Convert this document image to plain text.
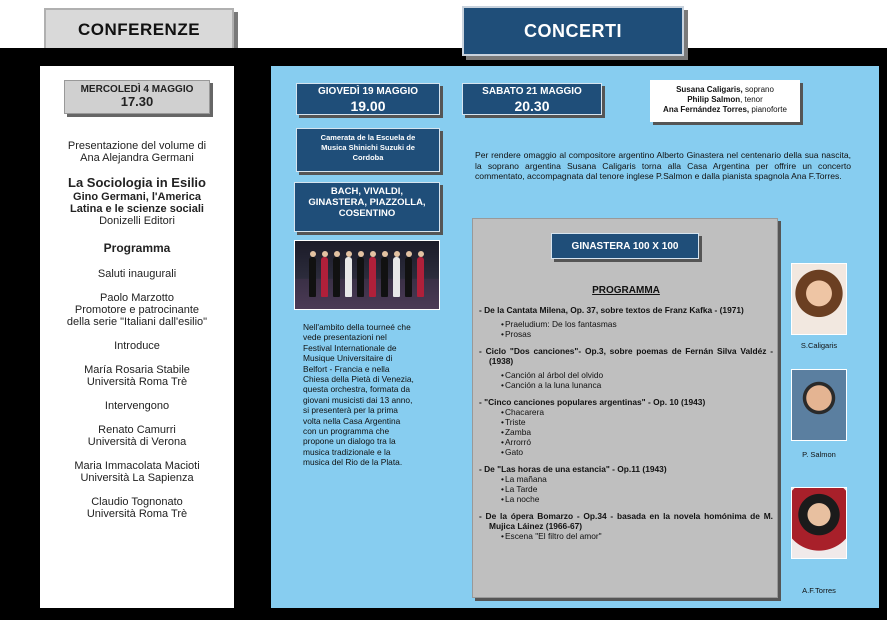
CONFERENZE	CONCERTI
MERCOLEDÌ 4 MAGGIO
17.30
Presentazione del volume di
Ana Alejandra Germani
La Sociologia in Esilio
Gino Germani, l'America
Latina e le scienze sociali
Donizelli Editori
Programma
Saluti inaugurali
Paolo Marzotto
Promotore e patrocinante
della serie "Italiani dall'esilio"
Introduce
María Rosaria Stabile
Università Roma Trè
Intervengono
Renato Camurri
Università di Verona
Maria Immacolata Macioti
Università La Sapienza
Claudio Tognonato
Università Roma Trè
GIOVEDÌ 19 MAGGIO
19.00
SABATO 21 MAGGIO
20.30
Camerata de la Escuela de
Musica Shinichi Suzuki de
Cordoba
BACH, VIVALDI,
GINASTERA, PIAZZOLLA,
COSENTINO
Nell'ambito della tourneé che vede presentazioni nel Festival Internationale de Musique Universitaire di Belfort - Francia e nella Chiesa della Pietà di Venezia, questa orchestra, formata da giovani musicisti dai 13 anno, si presenterà per la prima volta nella Casa Argentina con un programma che propone un dialogo tra la musica tradizionale e la musica del Rio de la Plata.
Susana Caligaris, soprano
Philip Salmon, tenor
Ana Fernández Torres, pianoforte
Per rendere omaggio al compositore argentino Alberto Ginastera nel centenario della sua nascita, la soprano argentina Susana Caligaris torna alla Casa Argentina per offrire un concerto commentato, accompagnata dal tenore inglese P.Salmon e dalla pianista spagnola Ana F.Torres.
GINASTERA 100 X 100
PROGRAMMA
- De la Cantata Milena, Op. 37, sobre textos de Franz Kafka - (1971)
• Praeludium: De los fantasmas
• Prosas
- Ciclo "Dos canciones"- Op.3, sobre poemas de Fernán Silva Valdéz - (1938)
• Canción al árbol del olvido
• Canción a la luna lunanca
- "Cinco canciones populares argentinas" - Op. 10 (1943)
• Chacarera
• Triste
• Zamba
• Arrorró
• Gato
- De "Las horas de una estancia" - Op.11 (1943)
• La mañana
• La Tarde
• La noche
- De la ópera Bomarzo - Op.34 - basada en la novela homónima de M. Mujica Láinez (1966-67)
• Escena "El filtro del amor"
S.Caligaris
P. Salmon
A.F.Torres
